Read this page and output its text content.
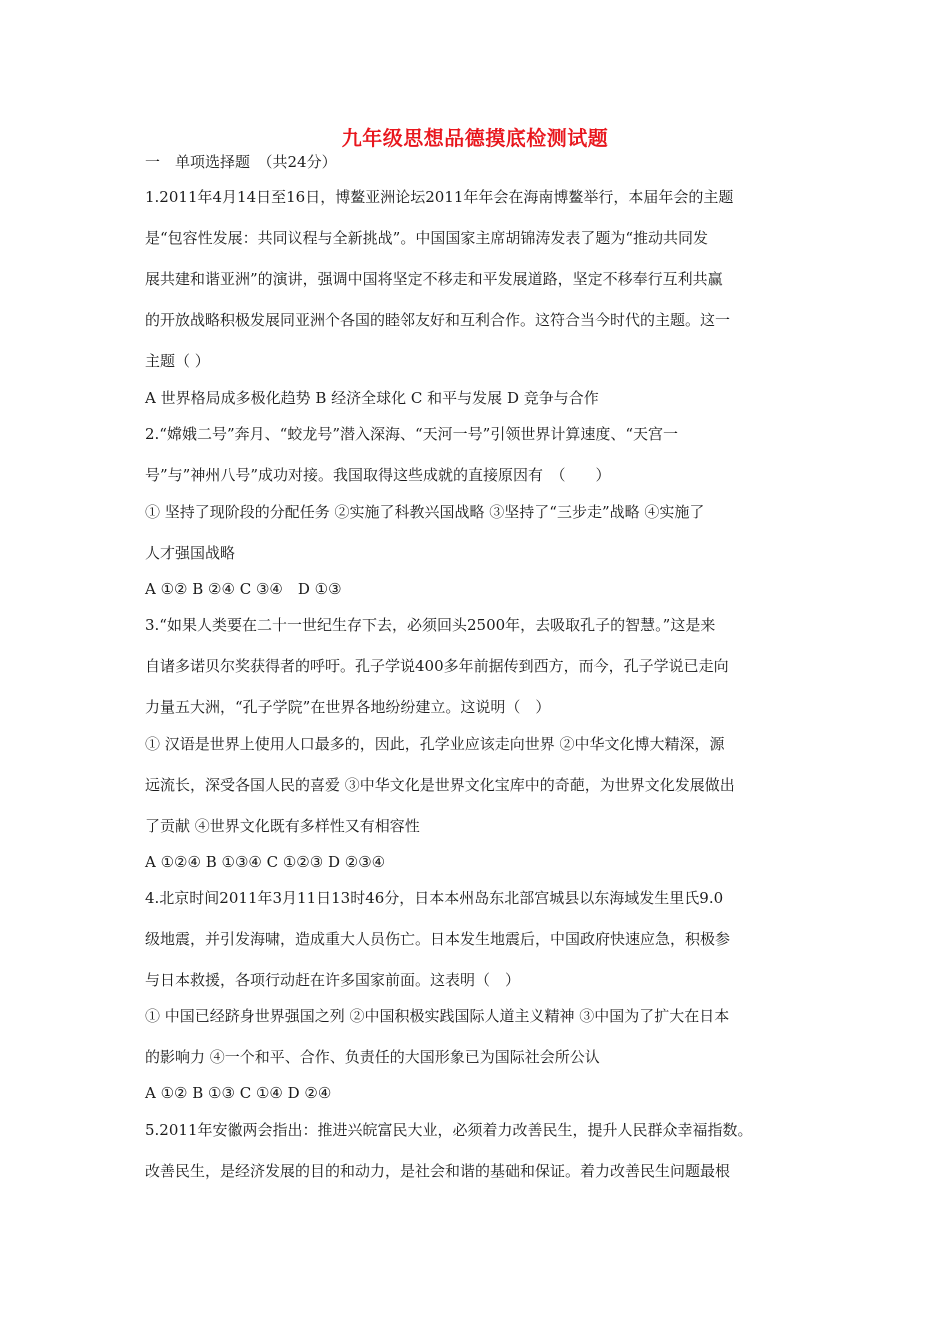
九年级思想品德摸底检测试题
一　单项选择题　（共24分）
1.2011年4月14日至16日，博鳌亚洲论坛2011年年会在海南博鳌举行，本届年会的主题
是“包容性发展：共同议程与全新挑战”。中国国家主席胡锦涛发表了题为“推动共同发
展共建和谐亚洲”的演讲，强调中国将坚定不移走和平发展道路，坚定不移奉行互利共赢
的开放战略积极发展同亚洲个各国的睦邻友好和互利合作。这符合当今时代的主题。这一
主题（ ）
A 世界格局成多极化趋势 B 经济全球化 C 和平与发展 D 竞争与合作
2.“嫦娥二号”奔月、“蛟龙号”潜入深海、“天河一号”引领世界计算速度、“天宫一
号”与”神州八号”成功对接。我国取得这些成就的直接原因有　（　　）
① 坚持了现阶段的分配任务 ②实施了科教兴国战略 ③坚持了“三步走”战略 ④实施了
人才强国战略
A ①② B ②④ C ③④　D ①③
3.“如果人类要在二十一世纪生存下去，必须回头2500年，去吸取孔子的智慧。”这是来
自诸多诺贝尔奖获得者的呼吁。孔子学说400多年前据传到西方，而今，孔子学说已走向
力量五大洲，“孔子学院”在世界各地纷纷建立。这说明（　）
① 汉语是世界上使用人口最多的，因此，孔学业应该走向世界 ②中华文化博大精深，源
远流长，深受各国人民的喜爱 ③中华文化是世界文化宝库中的奇葩，为世界文化发展做出
了贡献 ④世界文化既有多样性又有相容性
A ①②④ B ①③④ C ①②③ D ②③④
4.北京时间2011年3月11日13时46分，日本本州岛东北部宫城县以东海域发生里氏9.0
级地震，并引发海啸，造成重大人员伤亡。日本发生地震后，中国政府快速应急，积极参
与日本救援，各项行动赶在许多国家前面。这表明（　）
① 中国已经跻身世界强国之列 ②中国积极实践国际人道主义精神 ③中国为了扩大在日本
的影响力 ④一个和平、合作、负责任的大国形象已为国际社会所公认
A ①② B ①③ C ①④ D ②④
5.2011年安徽两会指出：推进兴皖富民大业，必须着力改善民生，提升人民群众幸福指数。
改善民生，是经济发展的目的和动力，是社会和谐的基础和保证。着力改善民生问题最根
